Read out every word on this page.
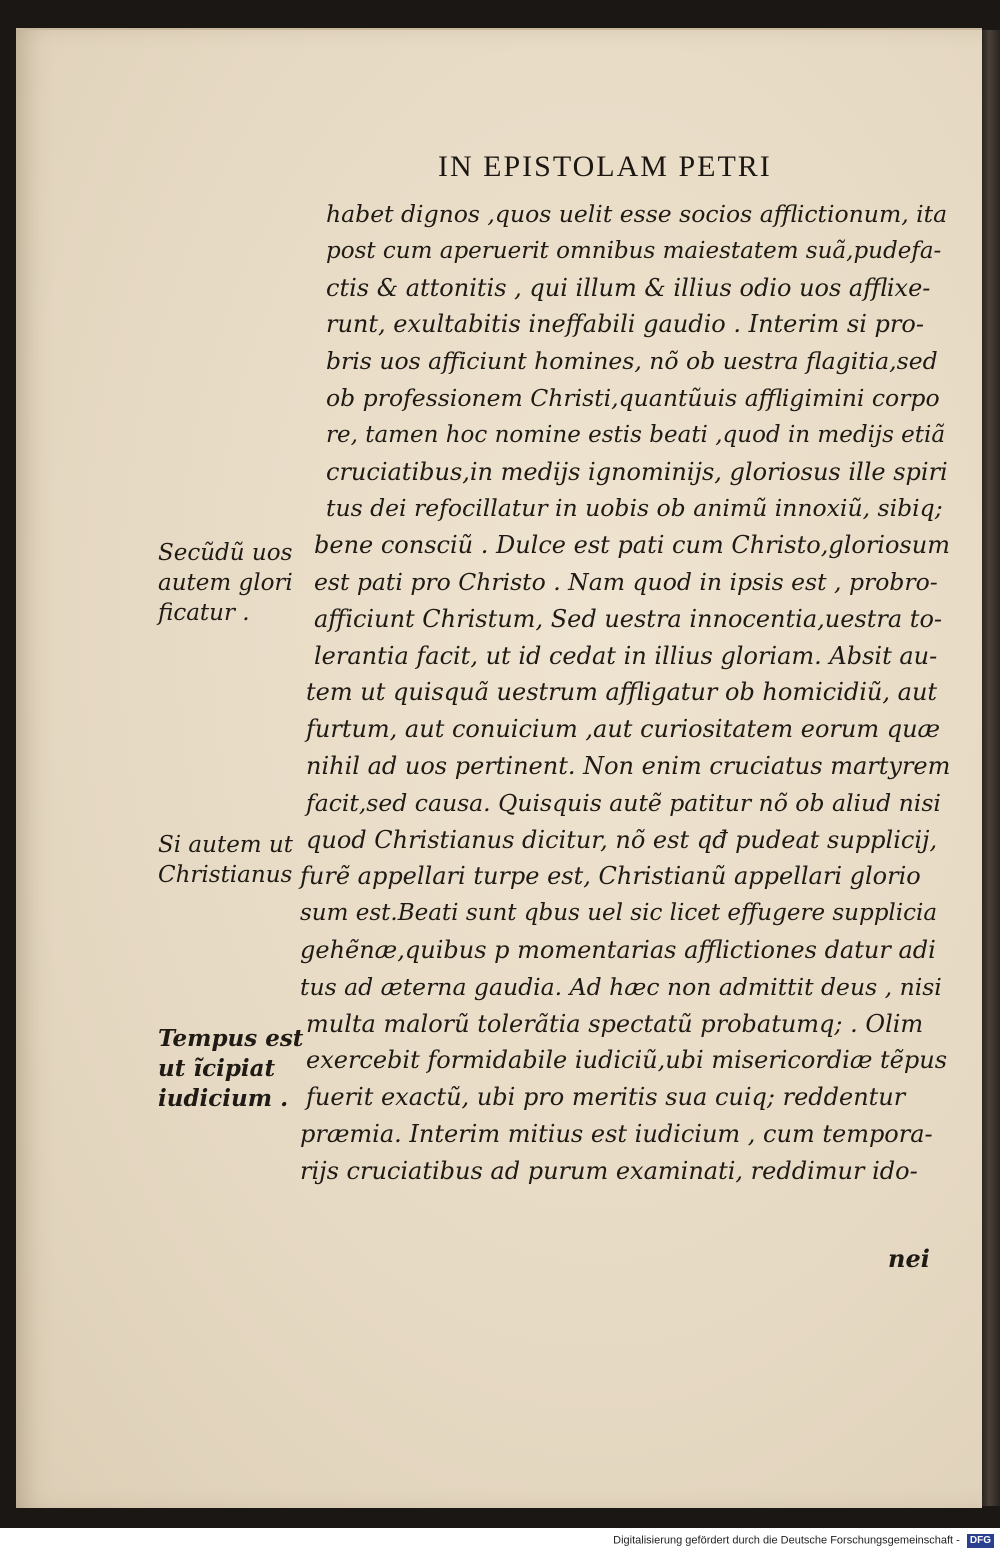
IN EPISTOLAM PETRI
habet dignos ,quos uelit esse socios afflictionum, ita
post cum aperuerit omnibus maiestatem suã,pudefa-
ctis & attonitis , qui illum & illius odio uos afflixe-
runt, exultabitis ineffabili gaudio . Interim si pro-
bris uos afficiunt homines, nõ ob uestra flagitia,sed
ob professionem Christi,quantũuis affligimini corpo
re, tamen hoc nomine estis beati ,quod in medijs etiã
cruciatibus,in medijs ignominijs, gloriosus ille spiri
tus dei refocillatur in uobis ob animũ innoxiũ, sibiq;
bene consciũ . Dulce est pati cum Christo,gloriosum
est pati pro Christo . Nam quod in ipsis est , probro-
afficiunt Christum, Sed uestra innocentia,uestra to-
lerantia facit, ut id cedat in illius gloriam. Absit au-
tem ut quisquã uestrum affligatur ob homicidiũ, aut
furtum, aut conuicium ,aut curiositatem eorum quæ
nihil ad uos pertinent. Non enim cruciatus martyrem
facit,sed causa. Quisquis autẽ patitur nõ ob aliud nisi
quod Christianus dicitur, nõ est qđ pudeat supplicij,
furẽ appellari turpe est, Christianũ appellari glorio
sum est.Beati sunt qbus uel sic licet effugere supplicia
gehẽnæ,quibus p momentarias afflictiones datur adi
tus ad æterna gaudia. Ad hæc non admittit deus , nisi
multa malorũ tolerãtia spectatũ probatumq; . Olim
exercebit formidabile iudiciũ,ubi misericordiæ tẽpus
fuerit exactũ, ubi pro meritis sua cuiq; reddentur
præmia. Interim mitius est iudicium , cum tempora-
rijs cruciatibus ad purum examinati, reddimur ido-
nei
Secũdũ uos
autem glori
ficatur .
Si autem ut
Christianus
Tempus est
ut ĩcipiat
iudicium .
Digitalisierung gefördert durch die Deutsche Forschungsgemeinschaft - DFG
